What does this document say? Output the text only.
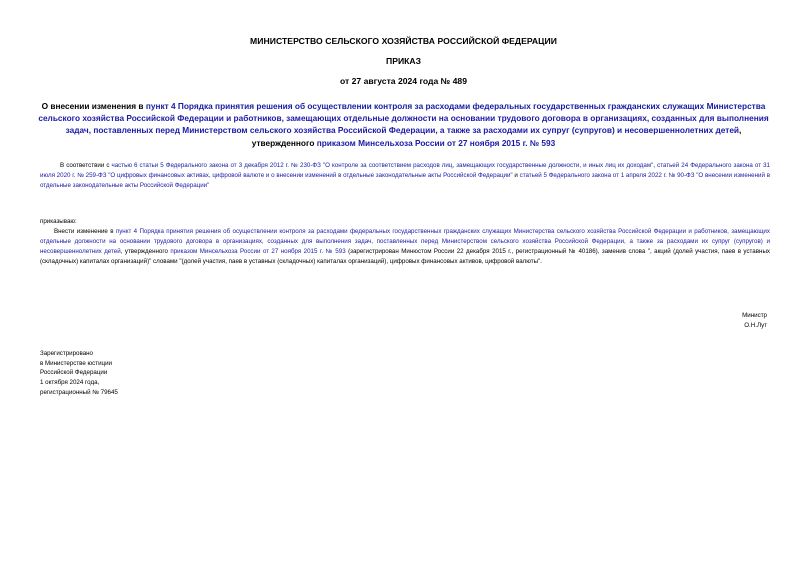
МИНИСТЕРСТВО СЕЛЬСКОГО ХОЗЯЙСТВА РОССИЙСКОЙ ФЕДЕРАЦИИ
ПРИКАЗ
от 27 августа 2024 года № 489
О внесении изменения в пункт 4 Порядка принятия решения об осуществлении контроля за расходами федеральных государственных гражданских служащих Министерства сельского хозяйства Российской Федерации и работников, замещающих отдельные должности на основании трудового договора в организациях, созданных для выполнения задач, поставленных перед Министерством сельского хозяйства Российской Федерации, а также за расходами их супруг (супругов) и несовершеннолетних детей, утвержденного приказом Минсельхоза России от 27 ноября 2015 г. № 593
В соответствии с частью 6 статьи 5 Федерального закона от 3 декабря 2012 г. № 230-ФЗ "О контроле за соответствием расходов лиц, замещающих государственные должности, и иных лиц их доходам", статьей 24 Федерального закона от 31 июля 2020 г. № 259-ФЗ "О цифровых финансовых активах, цифровой валюте и о внесении изменений в отдельные законодательные акты Российской Федерации" и статьей 5 Федерального закона от 1 апреля 2022 г. № 90-ФЗ "О внесении изменений в отдельные законодательные акты Российской Федерации"
приказываю:
Внести изменение в пункт 4 Порядка принятия решения об осуществлении контроля за расходами федеральных государственных гражданских служащих Министерства сельского хозяйства Российской Федерации и работников, замещающих отдельные должности на основании трудового договора в организациях, созданных для выполнения задач, поставленных перед Министерством сельского хозяйства Российской Федерации, а также за расходами их супруг (супругов) и несовершеннолетних детей, утвержденного приказом Минсельхоза России от 27 ноября 2015 г. № 593 (зарегистрирован Минюстом России 22 декабря 2015 г., регистрационный № 40186), заменив слова ", акций (долей участия, паев в уставных (складочных) капиталах организаций)" словами "(долей участия, паев в уставных (складочных) капиталах организаций), цифровых финансовых активов, цифровой валюты".
Министр
О.Н.Лут
Зарегистрировано
в Министерстве юстиции
Российской Федерации
1 октября 2024 года,
регистрационный № 79645
